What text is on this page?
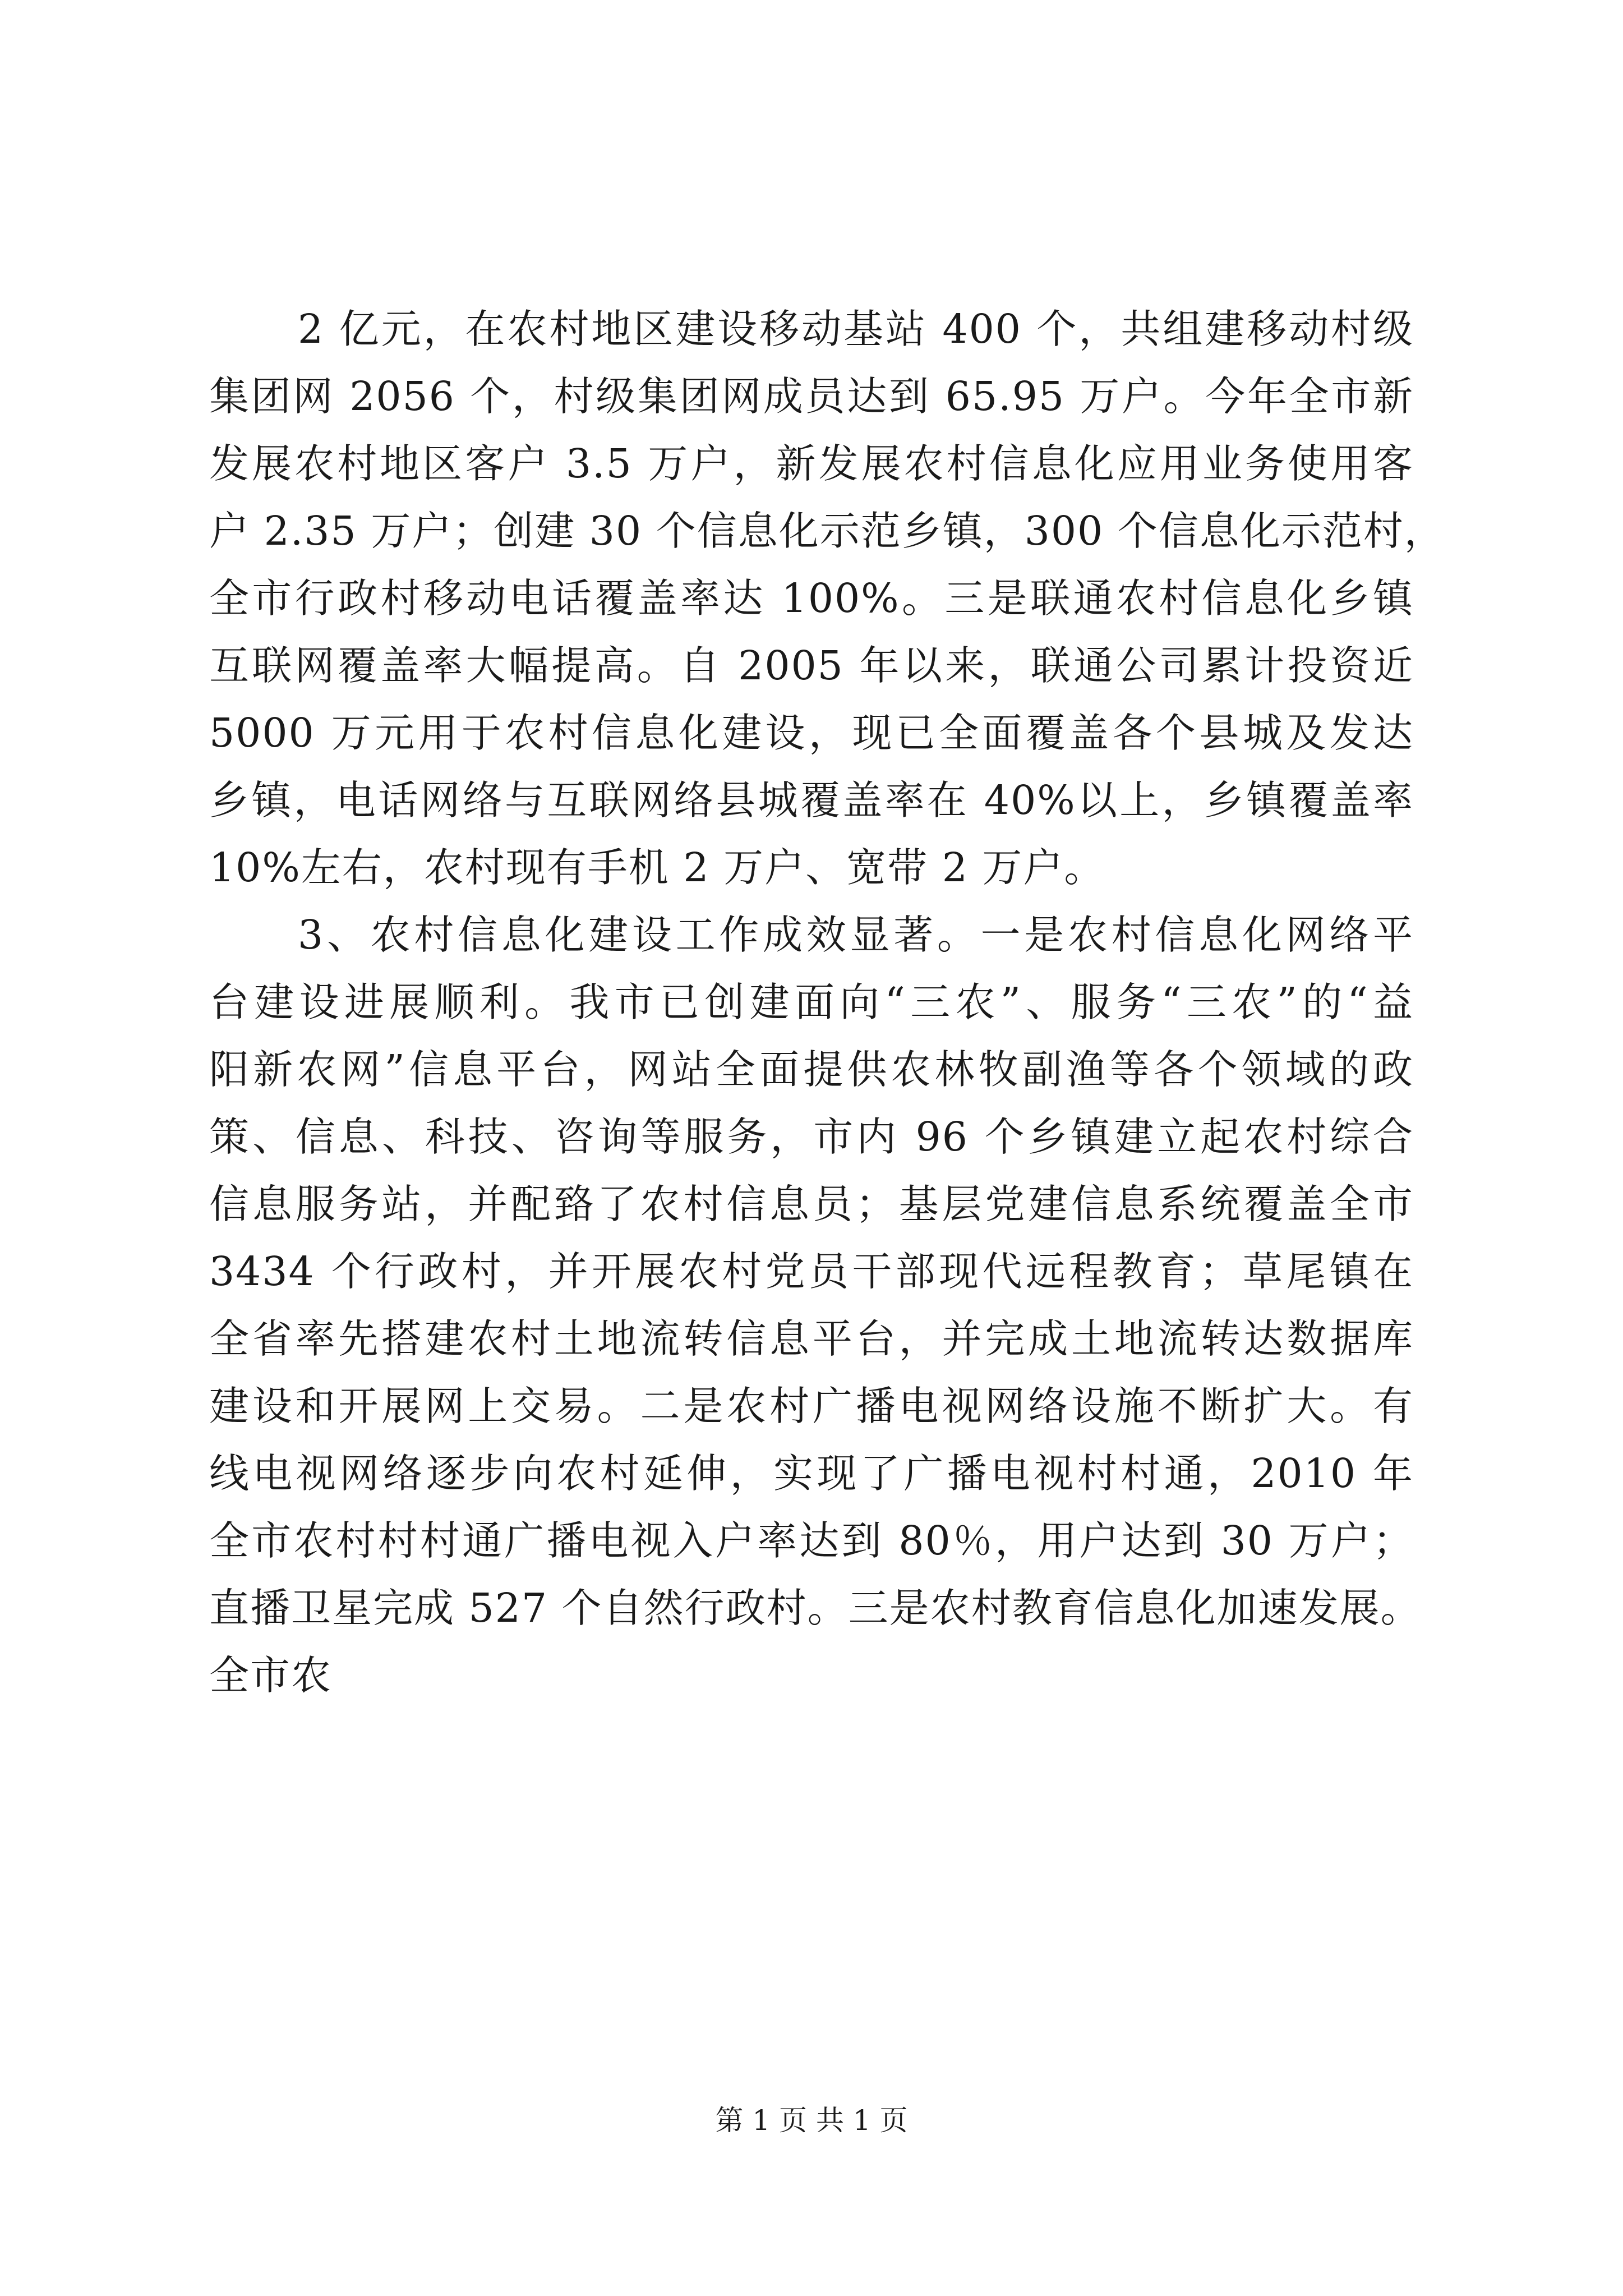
2 亿元，在农村地区建设移动基站 400 个，共组建移动村级
集团网 2056 个，村级集团网成员达到 65.95 万户。今年全市新
发展农村地区客户 3.5 万户，新发展农村信息化应用业务使用客
户 2.35 万户；创建 30 个信息化示范乡镇，300 个信息化示范村，
全市行政村移动电话覆盖率达 100%。三是联通农村信息化乡镇
互联网覆盖率大幅提高。自 2005 年以来，联通公司累计投资近
5000 万元用于农村信息化建设，现已全面覆盖各个县城及发达
乡镇，电话网络与互联网络县城覆盖率在 40%以上，乡镇覆盖率
10%左右，农村现有手机 2 万户、宽带 2 万户。
3、农村信息化建设工作成效显著。一是农村信息化网络平
台建设进展顺利。我市已创建面向“三农”、服务“三农”的“益
阳新农网”信息平台，网站全面提供农林牧副渔等各个领域的政
策、信息、科技、咨询等服务，市内 96 个乡镇建立起农村综合
信息服务站，并配臵了农村信息员；基层党建信息系统覆盖全市
3434 个行政村，并开展农村党员干部现代远程教育；草尾镇在
全省率先搭建农村土地流转信息平台，并完成土地流转达数据库
建设和开展网上交易。二是农村广播电视网络设施不断扩大。有
线电视网络逐步向农村延伸，实现了广播电视村村通，2010 年
全市农村村村通广播电视入户率达到 80％，用户达到 30 万户；
直播卫星完成 527 个自然行政村。三是农村教育信息化加速发展。
全市农
第 1 页 共 1 页
